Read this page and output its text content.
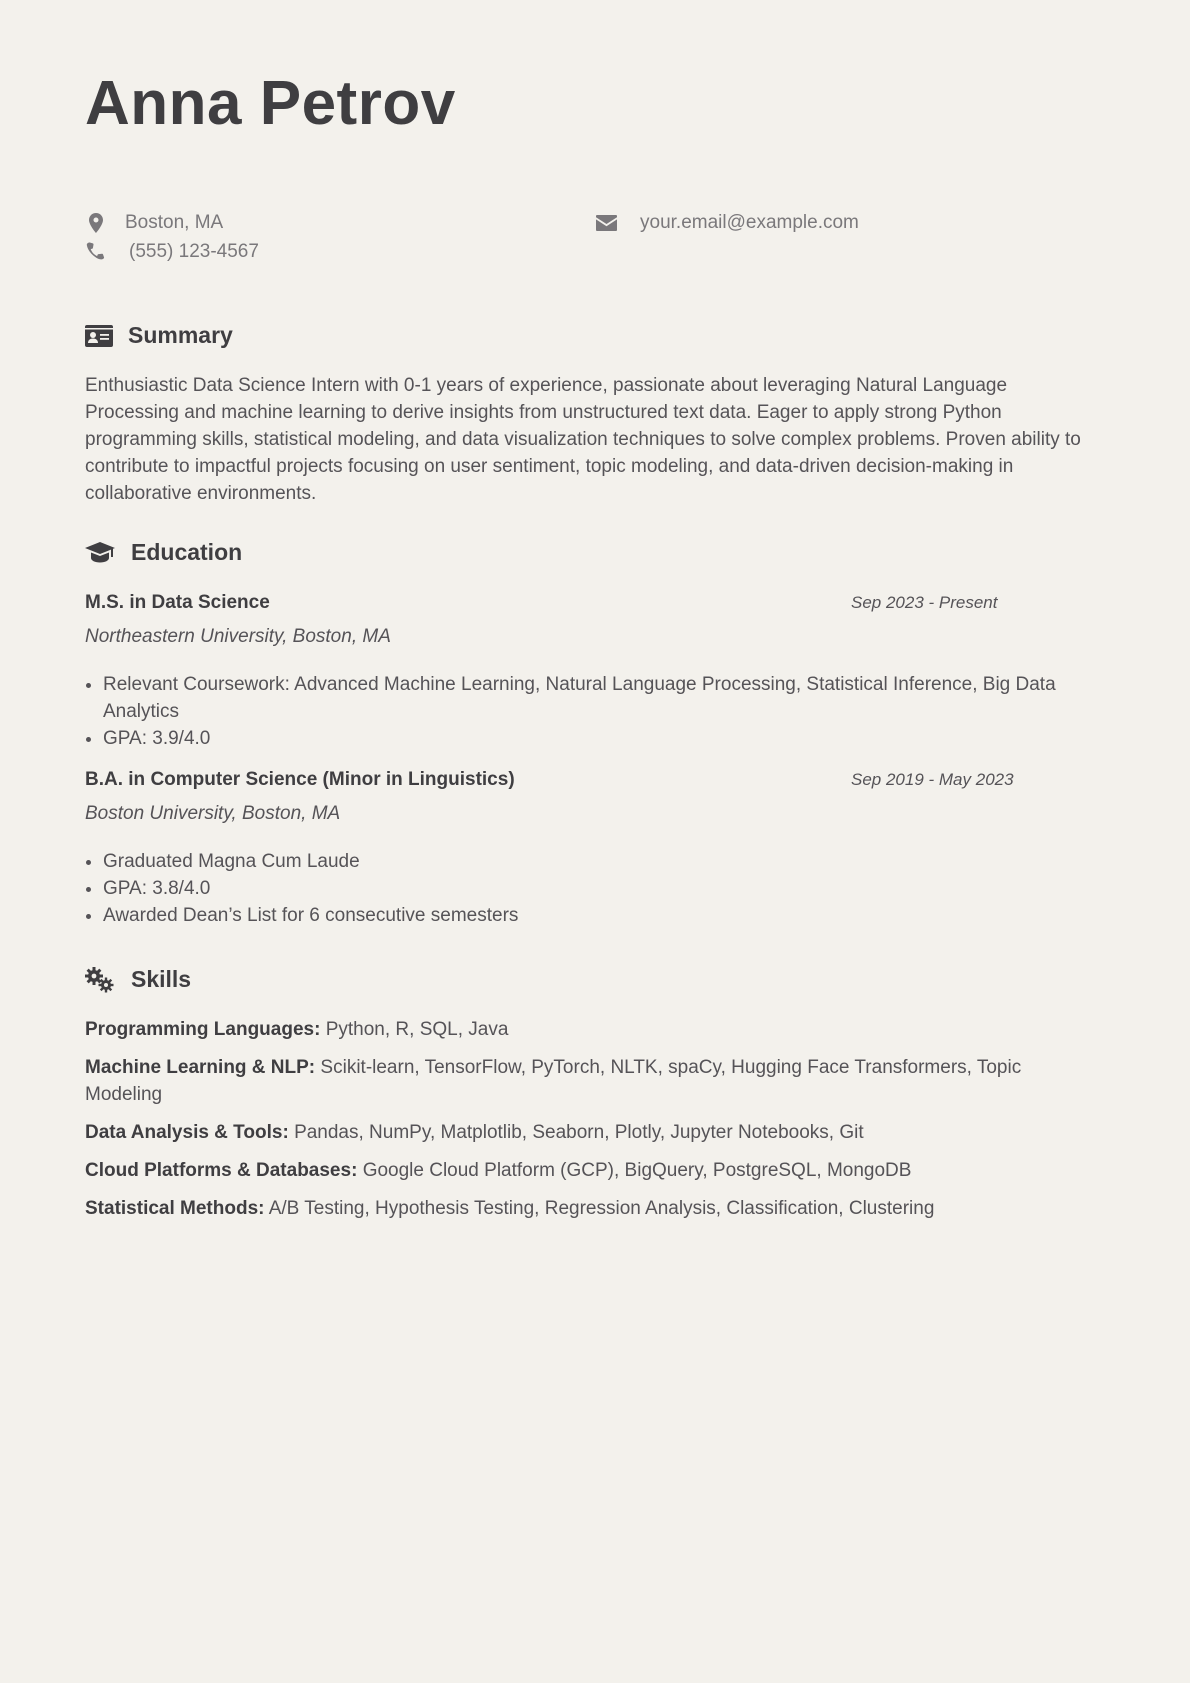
Anna Petrov
Boston, MA	your.email@example.com
(555) 123-4567
Summary

Enthusiastic Data Science Intern with 0-1 years of experience, passionate about leveraging Natural Language Processing and machine learning to derive insights from unstructured text data. Eager to apply strong Python programming skills, statistical modeling, and data visualization techniques to solve complex problems. Proven ability to contribute to impactful projects focusing on user sentiment, topic modeling, and data-driven decision-making in collaborative environments.

Education
M.S. in Data Science	Sep 2023 - Present
Northeastern University, Boston, MA
• Relevant Coursework: Advanced Machine Learning, Natural Language Processing, Statistical Inference, Big Data Analytics
• GPA: 3.9/4.0
B.A. in Computer Science (Minor in Linguistics)	Sep 2019 - May 2023
Boston University, Boston, MA
• Graduated Magna Cum Laude
• GPA: 3.8/4.0
• Awarded Dean’s List for 6 consecutive semesters
Skills

Programming Languages: Python, R, SQL, Java

Machine Learning & NLP: Scikit-learn, TensorFlow, PyTorch, NLTK, spaCy, Hugging Face Transformers, Topic Modeling

Data Analysis & Tools: Pandas, NumPy, Matplotlib, Seaborn, Plotly, Jupyter Notebooks, Git

Cloud Platforms & Databases: Google Cloud Platform (GCP), BigQuery, PostgreSQL, MongoDB

Statistical Methods: A/B Testing, Hypothesis Testing, Regression Analysis, Classification, Clustering
